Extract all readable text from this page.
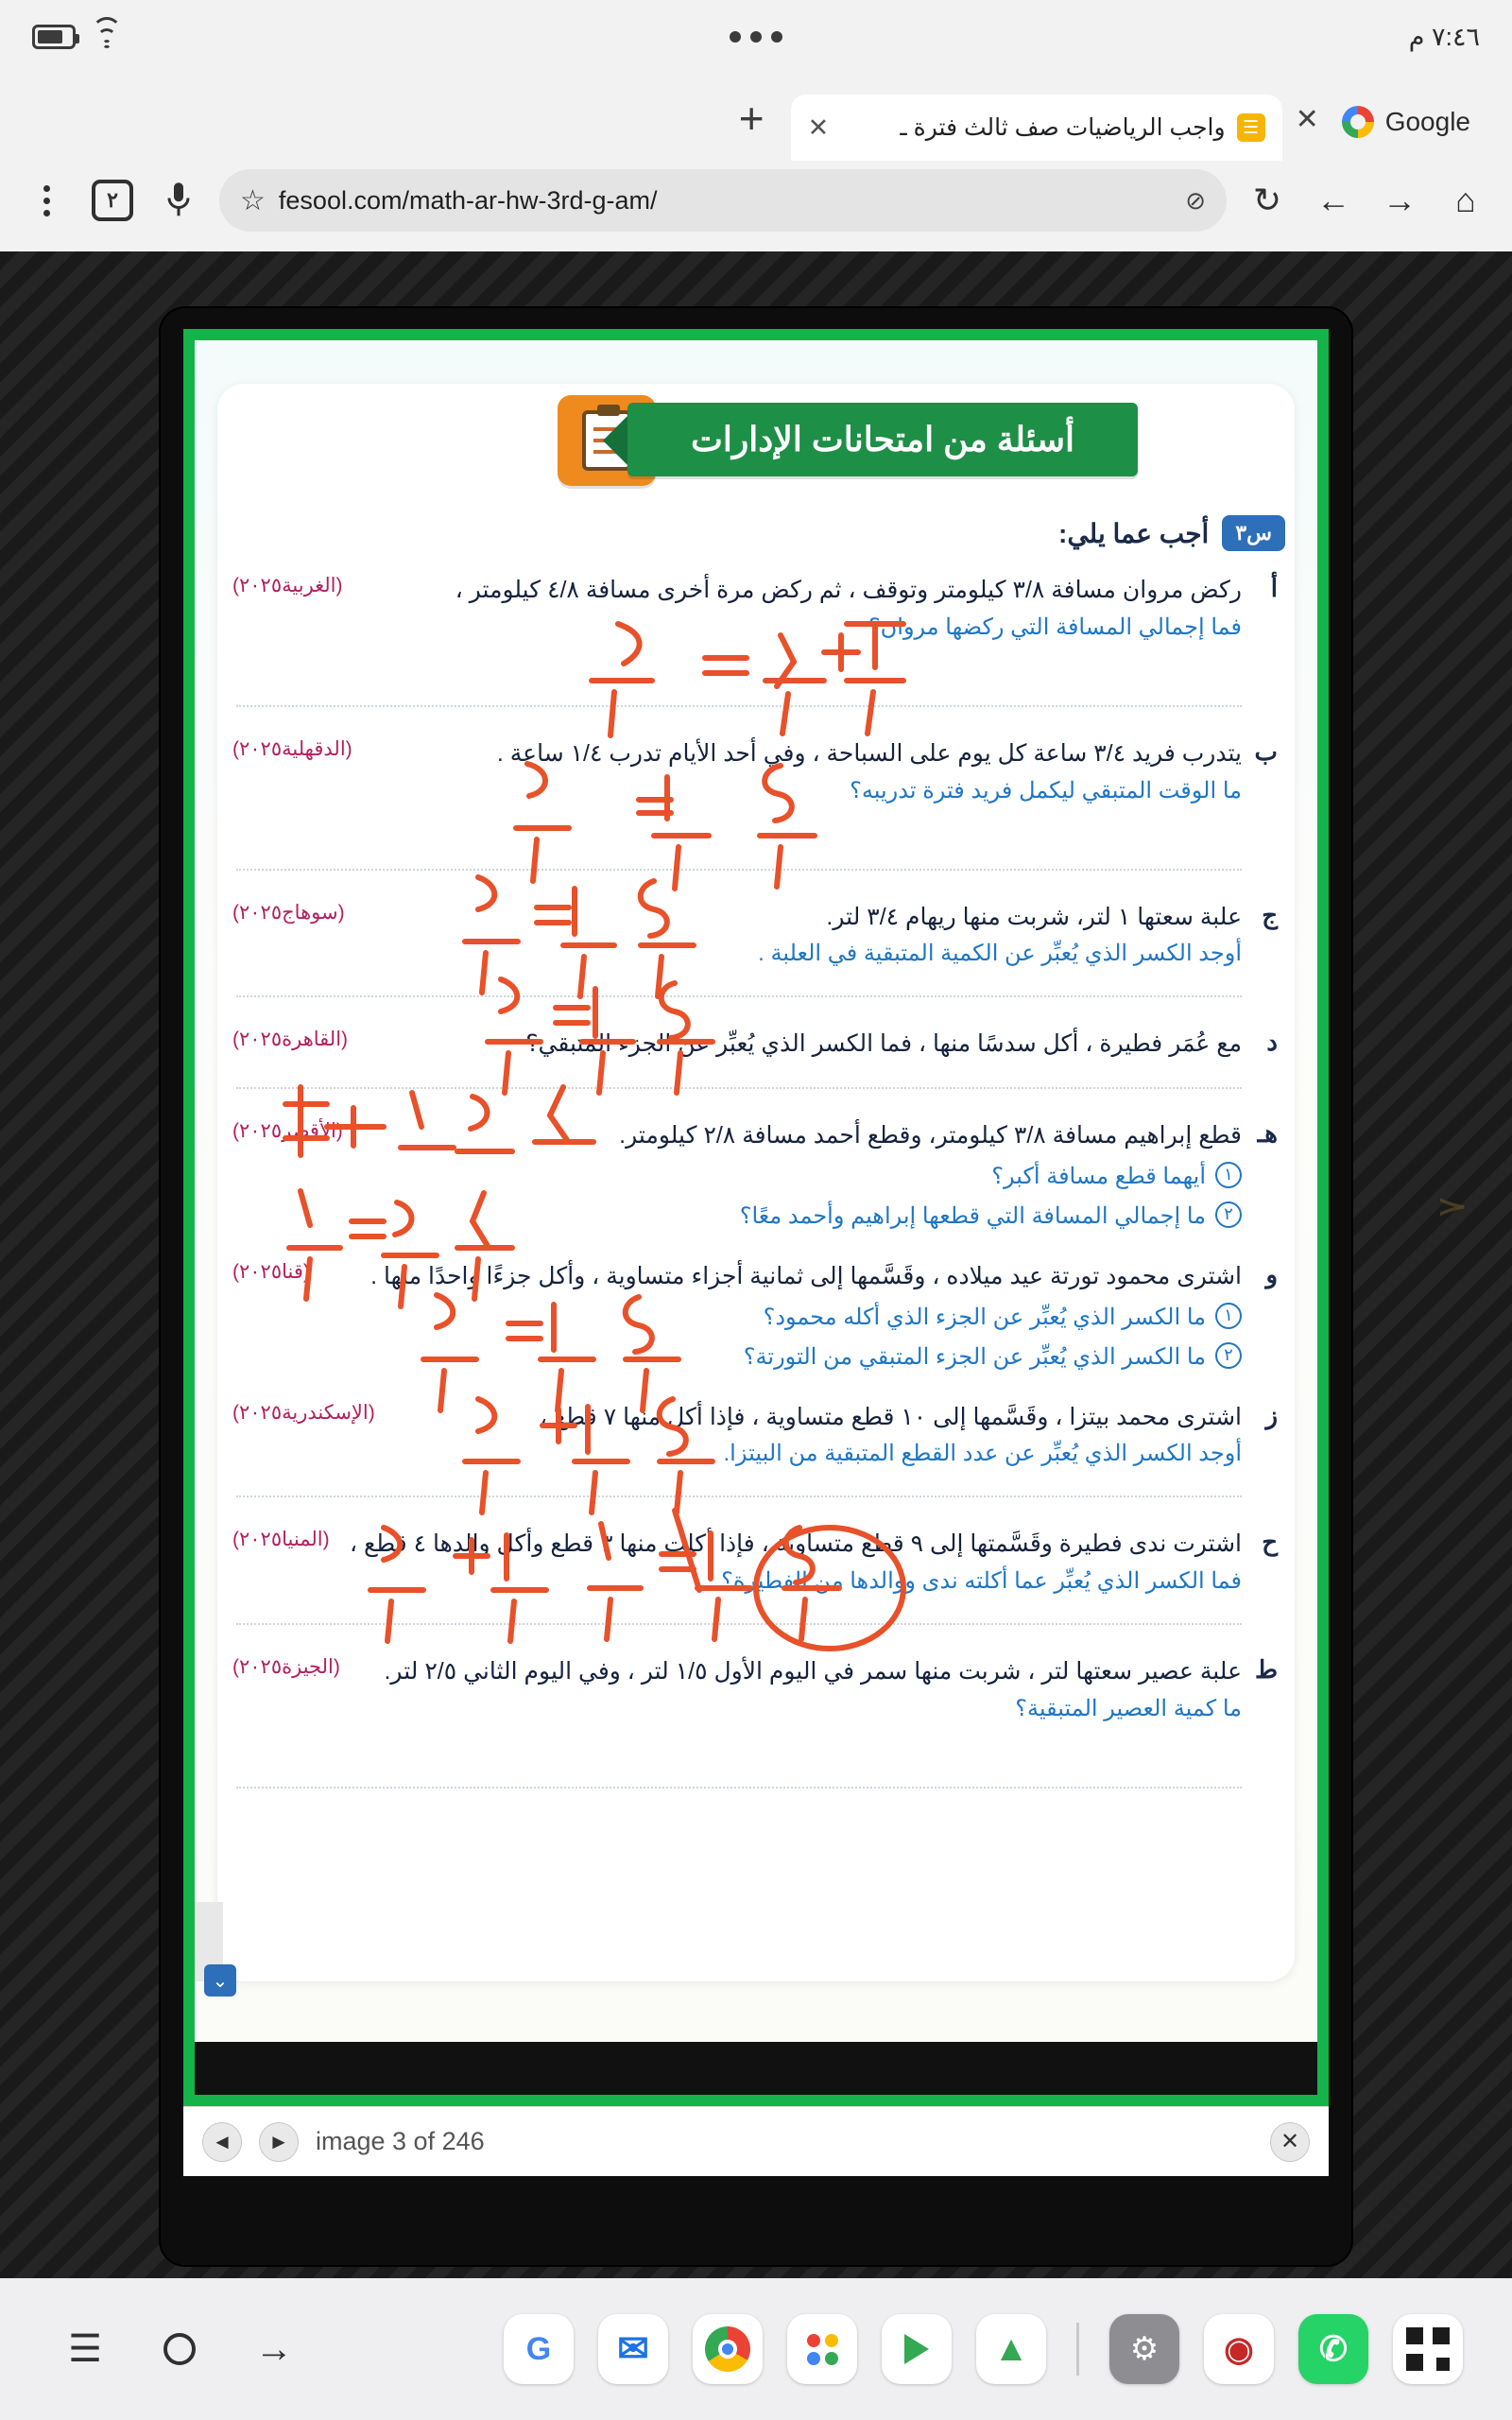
٧:٤٦ م
Google
✕
☰
واجب الرياضيات صف ثالث فترة ـ
✕
+
⌂
→
←
↻
☆ fesool.com/math-ar-hw-3rd-g-am/	⊘
٢
٨
أسئلة من امتحانات الإدارات
س٣
أجب عما يلي:
أ
ركض مروان مسافة ٣/٨ كيلومتر وتوقف ، ثم ركض مرة أخرى مسافة ٤/٨ كيلومتر ،
فما إجمالي المسافة التي ركضها مروان؟
(الغربية٢٠٢٥)
ب
يتدرب فريد ٣/٤ ساعة كل يوم على السباحة ، وفي أحد الأيام تدرب ١/٤ ساعة .
ما الوقت المتبقي ليكمل فريد فترة تدريبه؟
(الدقهلية٢٠٢٥)
ج
علبة سعتها ١ لتر، شربت منها ريهام ٣/٤ لتر.
أوجد الكسر الذي يُعبِّر عن الكمية المتبقية في العلبة .
(سوهاج٢٠٢٥)
د
مع عُمَر فطيرة ، أكل سدسًا منها ، فما الكسر الذي يُعبِّر عن الجزء المتبقي؟
(القاهرة٢٠٢٥)
هـ
قطع إبراهيم مسافة ٣/٨ كيلومتر، وقطع أحمد مسافة ٢/٨ كيلومتر.
(الأقصر٢٠٢٥)
١
أيهما قطع مسافة أكبر؟
٢
ما إجمالي المسافة التي قطعها إبراهيم وأحمد معًا؟
و
اشترى محمود تورتة عيد ميلاده ، وقَسَّمها إلى ثمانية أجزاء متساوية ، وأكل جزءًا واحدًا منها .
(قنا٢٠٢٥)
١
ما الكسر الذي يُعبِّر عن الجزء الذي أكله محمود؟
٢
ما الكسر الذي يُعبِّر عن الجزء المتبقي من التورتة؟
ز
اشترى محمد بيتزا ، وقَسَّمها إلى ١٠ قطع متساوية ، فإذا أكل منها ٧ قطع ،
أوجد الكسر الذي يُعبِّر عن عدد القطع المتبقية من البيتزا.
(الإسكندرية٢٠٢٥)
ح
اشترت ندى فطيرة وقَسَّمتها إلى ٩ قطع متساوية ، فإذا أكلت منها ٣ قطع وأكل والدها ٤ قطع ،
فما الكسر الذي يُعبِّر عما أكلته ندى ووالدها من الفطيرة؟
(المنيا٢٠٢٥)
ط
علبة عصير سعتها لتر ، شربت منها سمر في اليوم الأول ١/٥ لتر ، وفي اليوم الثاني ٢/٥ لتر.
ما كمية العصير المتبقية؟
(الجيزة٢٠٢٥)
⌄
◄	►	image 3 of 246	✕
☰	→	G ✉	▲	⚙ ◉ ✆
